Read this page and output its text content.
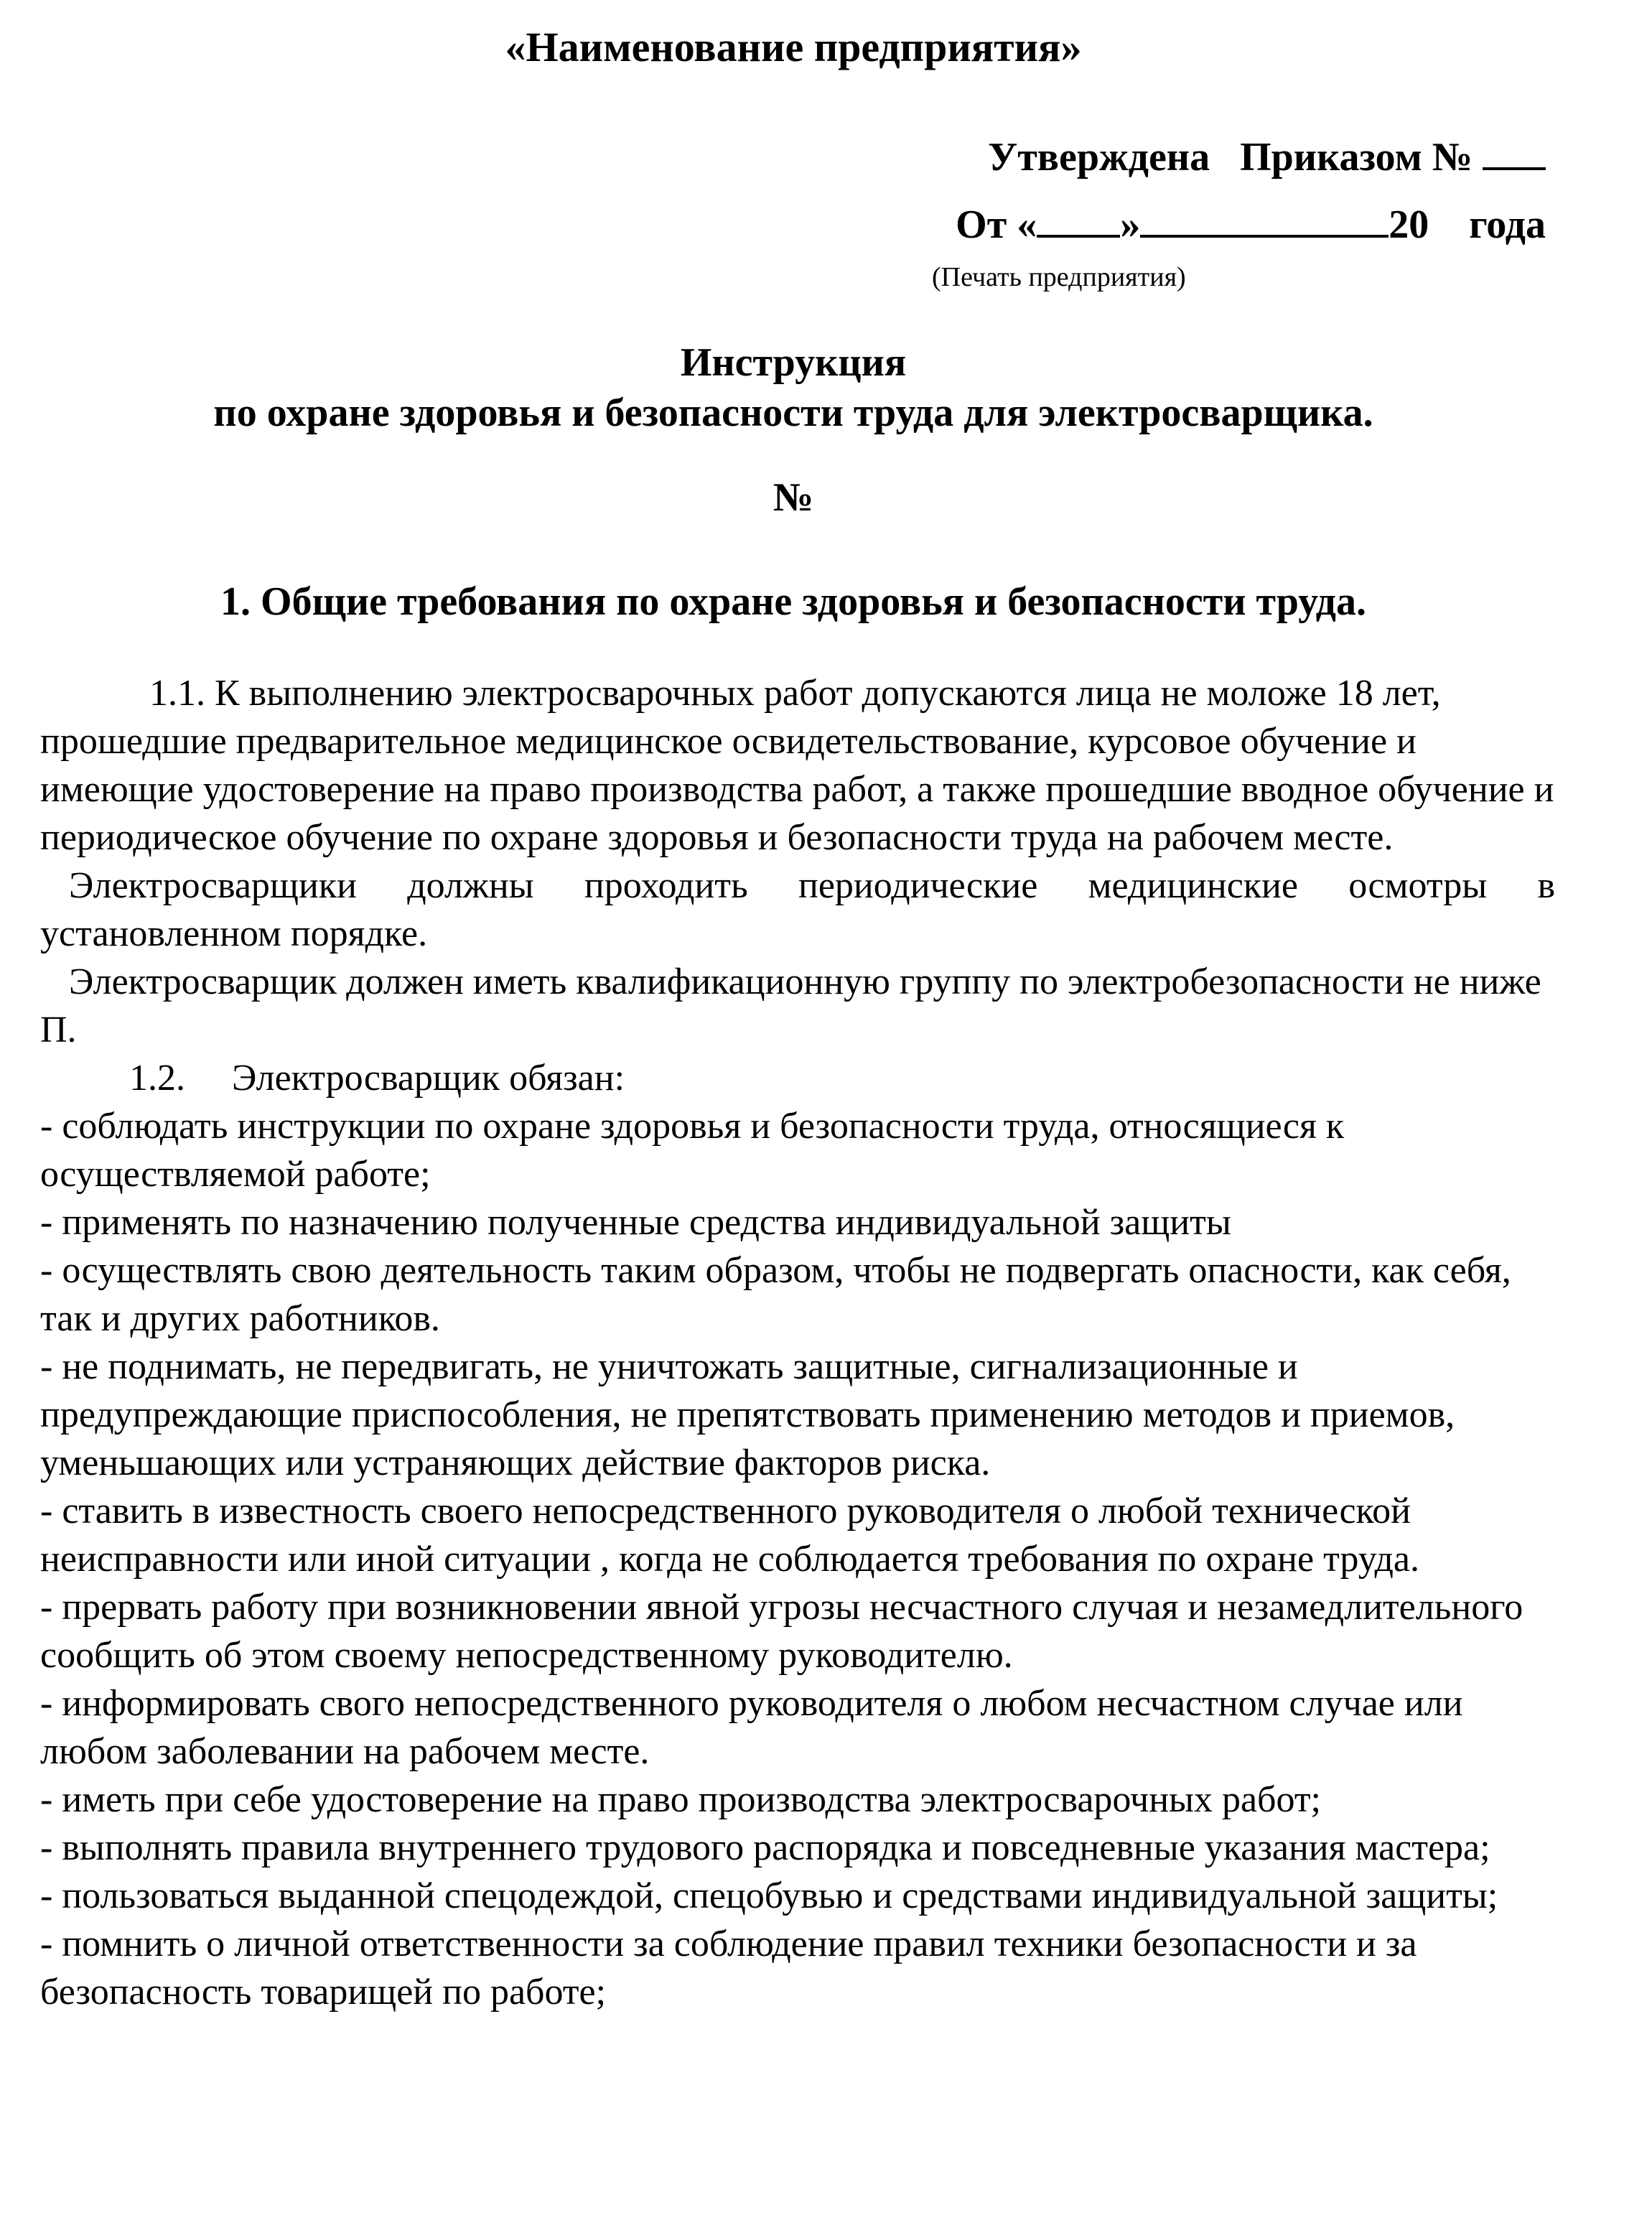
«Наименование предприятия»
Утверждена   Приказом №
От « »	20    года

(Печать предприятия)

Инструкция

по охране здоровья и безопасности труда для электросварщика.

№

1. Общие требования по охране здоровья и безопасности труда.

1.1. К выполнению электросварочных работ допускаются лица не моложе 18 лет, прошедшие предварительное медицинское освидетельствование, курсовое обучение и имеющие удостоверение на право производства работ, а также прошедшие вводное обучение и периодическое обучение по охране здоровья и безопасности труда на рабочем месте.

Электросварщики должны проходить периодические медицинские осмотры в установленном порядке.

Электросварщик должен иметь квалификационную группу по электробезопасности не ниже П.

1.2.     Электросварщик обязан:

- соблюдать инструкции по охране здоровья и безопасности труда, относящиеся к осуществляемой работе;

- применять по назначению полученные средства индивидуальной защиты

- осуществлять свою деятельность таким образом, чтобы не подвергать опасности, как себя, так и других работников.

- не поднимать, не передвигать, не уничтожать защитные, сигнализационные и предупреждающие приспособления, не препятствовать применению методов и приемов, уменьшающих или устраняющих действие факторов риска.

- ставить в известность своего непосредственного руководителя о любой технической неисправности или иной ситуации , когда не соблюдается требования по охране труда.

- прервать работу при возникновении явной угрозы несчастного случая и незамедлительного сообщить об этом своему непосредственному руководителю.

- информировать свого непосредственного руководителя о любом несчастном случае или любом заболевании на рабочем месте.

- иметь при себе удостоверение на право производства электросварочных работ;

- выполнять правила внутреннего трудового распорядка и повседневные указания мастера;

- пользоваться выданной спецодеждой, спецобувью и средствами индивидуальной защиты;

- помнить о личной ответственности за соблюдение правил техники безопасности и за безопасность товарищей по работе;
